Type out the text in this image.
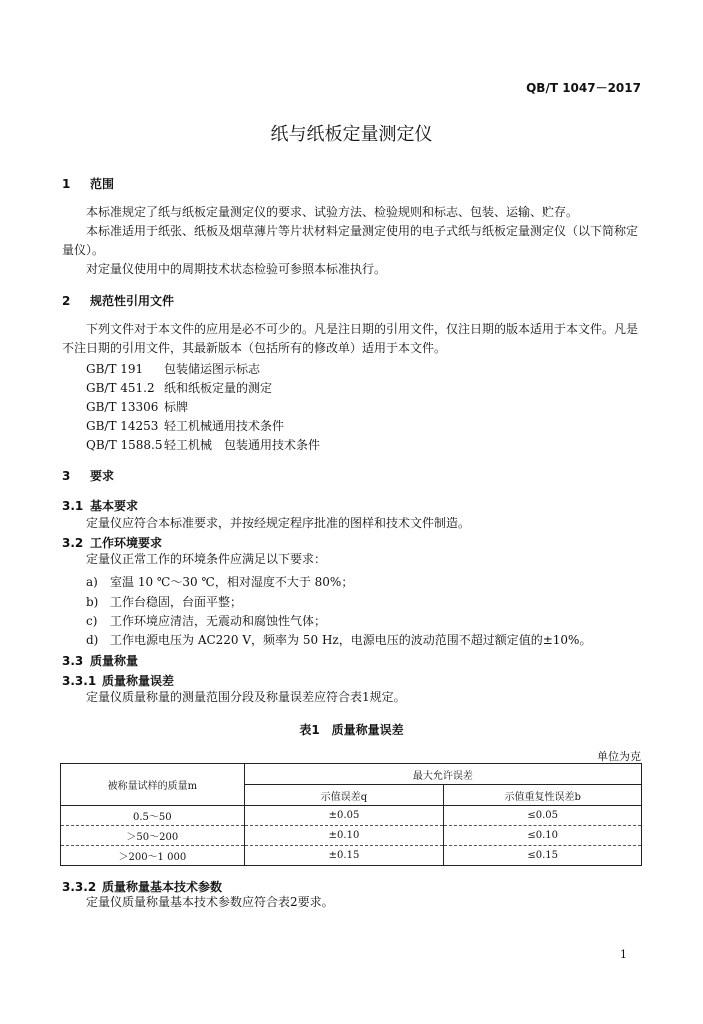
QB/T 1047－2017
纸与纸板定量测定仪
1 范围
本标准规定了纸与纸板定量测定仪的要求、试验方法、检验规则和标志、包装、运输、贮存。
本标准适用于纸张、纸板及烟草薄片等片状材料定量测定使用的电子式纸与纸板定量测定仪（以下简称定量仪）。
对定量仪使用中的周期技术状态检验可参照本标准执行。
2 规范性引用文件
下列文件对于本文件的应用是必不可少的。凡是注日期的引用文件，仅注日期的版本适用于本文件。凡是不注日期的引用文件，其最新版本（包括所有的修改单）适用于本文件。
GB/T 191 包装储运图示标志
GB/T 451.2 纸和纸板定量的测定
GB/T 13306 标牌
GB/T 14253 轻工机械通用技术条件
QB/T 1588.5轻工机械　包装通用技术条件
3 要求
3.1 基本要求
定量仪应符合本标准要求，并按经规定程序批准的图样和技术文件制造。
3.2 工作环境要求
定量仪正常工作的环境条件应满足以下要求：
a) 室温 10 ℃～30 ℃，相对湿度不大于 80%；
b) 工作台稳固，台面平整；
c) 工作环境应清洁，无震动和腐蚀性气体；
d) 工作电源电压为 AC220 V，频率为 50 Hz，电源电压的波动范围不超过额定值的±10%。
3.3 质量称量
3.3.1 质量称量误差
定量仪质量称量的测量范围分段及称量误差应符合表1规定。
表1　质量称量误差
单位为克
被称量试样的质量m	最大允许误差	
	示值误差q	示值重复性误差b
0.5～50	±0.05	≤0.05
＞50～200	±0.10	≤0.10
＞200～1 000	±0.15	≤0.15
3.3.2 质量称量基本技术参数
定量仪质量称量基本技术参数应符合表2要求。
1
